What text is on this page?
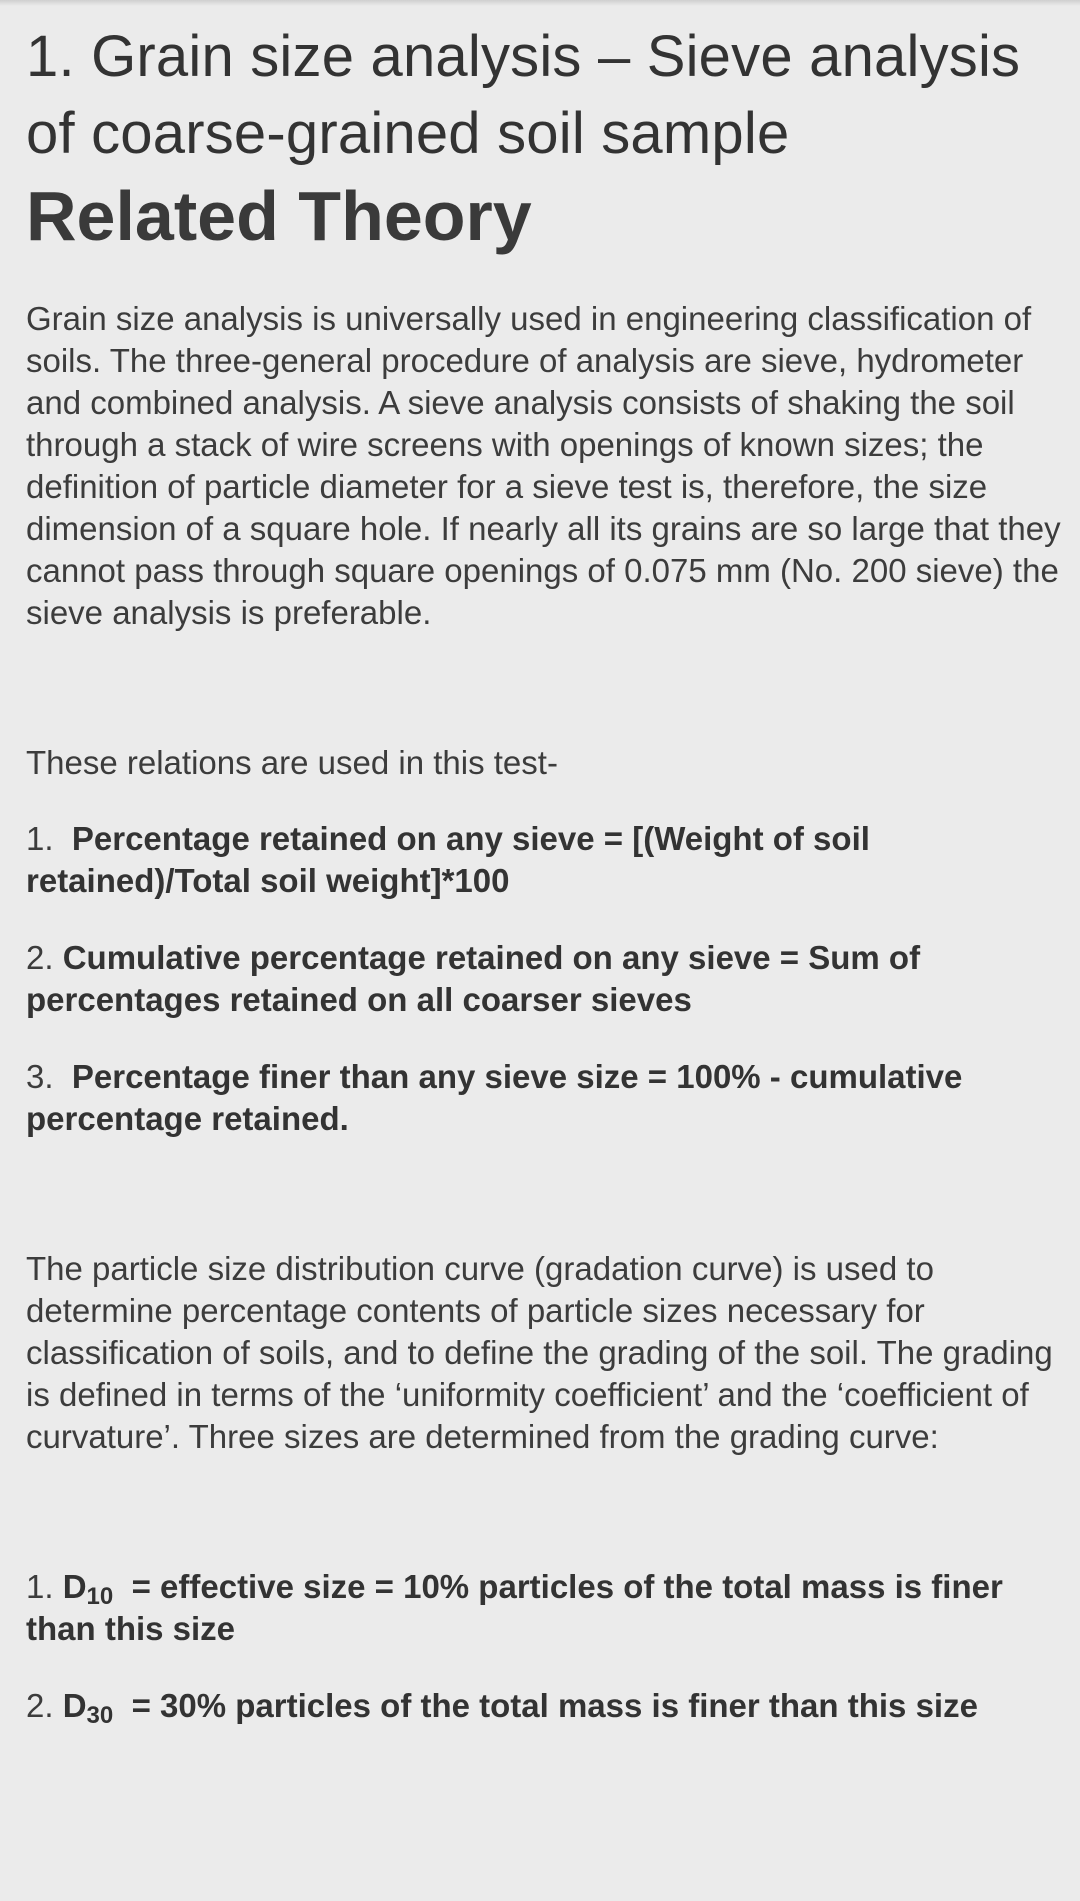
1. Grain size analysis – Sieve analysis of coarse-grained soil sample
Related Theory

Grain size analysis is universally used in engineering classification of soils. The three-general procedure of analysis are sieve, hydrometer and combined analysis. A sieve analysis consists of shaking the soil through a stack of wire screens with openings of known sizes; the definition of particle diameter for a sieve test is, therefore, the size dimension of a square hole. If nearly all its grains are so large that they cannot pass through square openings of 0.075 mm (No. 200 sieve) the sieve analysis is preferable.

These relations are used in this test-

1. Percentage retained on any sieve = [(Weight of soil retained)/Total soil weight]*100

2. Cumulative percentage retained on any sieve = Sum of percentages retained on all coarser sieves

3. Percentage finer than any sieve size = 100% - cumulative percentage retained.

The particle size distribution curve (gradation curve) is used to determine percentage contents of particle sizes necessary for classification of soils, and to define the grading of the soil. The grading is defined in terms of the ‘uniformity coefficient’ and the ‘coefficient of curvature’. Three sizes are determined from the grading curve:

1. $D_{10}$ = effective size = 10% particles of the total mass is finer than this size

2. $D_{30} = 30\%$ particles of the total mass is finer than this size
